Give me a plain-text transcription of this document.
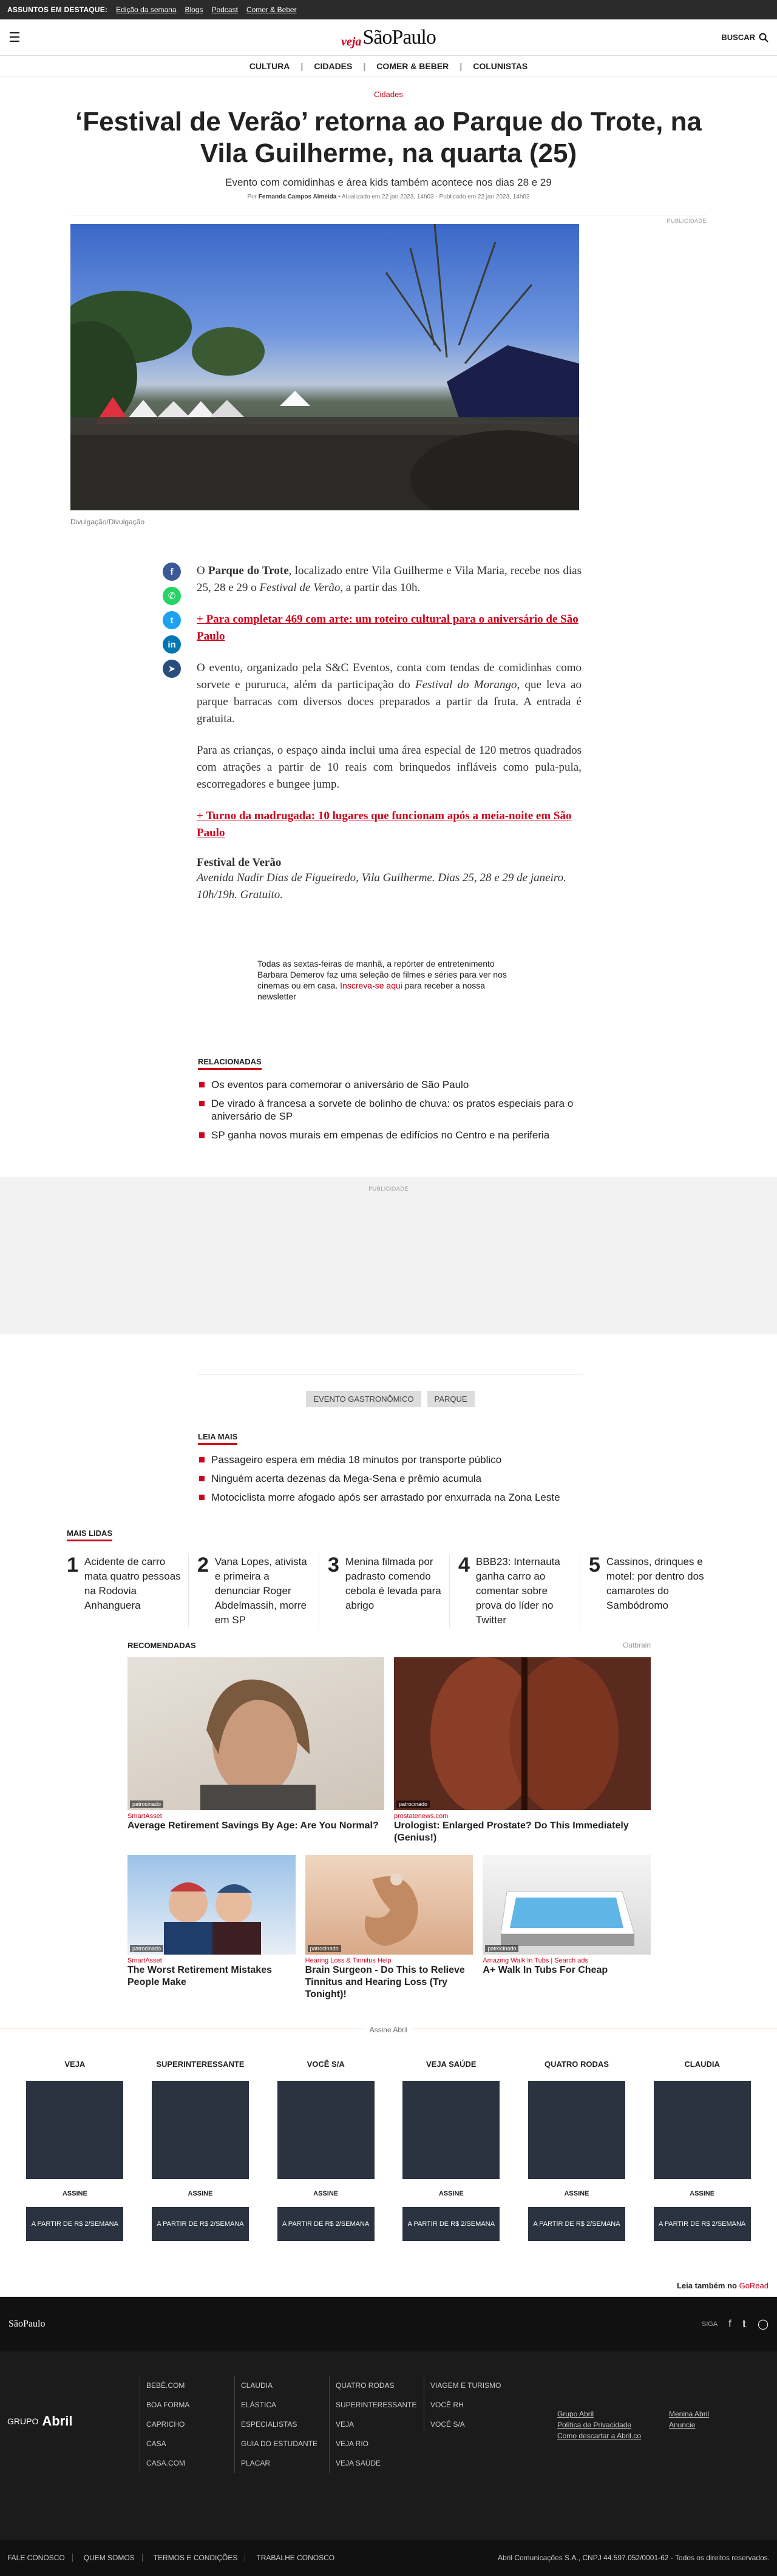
ASSUNTOS EM DESTAQUE: Edição da semana Blogs Podcast Comer & Beber
☰	veja SãoPaulo	BUSCAR
CULTURA	|	CIDADES	|	COMER & BEBER	|	COLUNISTAS
Cidades
‘Festival de Verão’ retorna ao Parque do Trote, na Vila Guilherme, na quarta (25)
Evento com comidinhas e área kids também acontece nos dias 28 e 29
Por Fernanda Campos Almeida • Atualizado em 22 jan 2023, 14h03 - Publicado em 22 jan 2023, 14h02
PUBLICIDADE
Divulgação/Divulgação
f
✆
t
in
➤

O Parque do Trote, localizado entre Vila Guilherme e Vila Maria, recebe nos dias 25, 28 e 29 o Festival de Verão, a partir das 10h.

+ Para completar 469 com arte: um roteiro cultural para o aniversário de São Paulo

O evento, organizado pela S&C Eventos, conta com tendas de comidinhas como sorvete e pururuca, além da participação do Festival do Morango, que leva ao parque barracas com diversos doces preparados a partir da fruta. A entrada é gratuita.

Para as crianças, o espaço ainda inclui uma área especial de 120 metros quadrados com atrações a partir de 10 reais com brinquedos infláveis como pula-pula, escorregadores e bungee jump.

+ Turno da madrugada: 10 lugares que funcionam após a meia-noite em São Paulo

Festival de Verão
Avenida Nadir Dias de Figueiredo, Vila Guilherme. Dias 25, 28 e 29 de janeiro. 10h/19h. Gratuito.
Todas as sextas-feiras de manhã, a repórter de entretenimento Barbara Demerov faz uma seleção de filmes e séries para ver nos cinemas ou em casa. Inscreva-se aqui para receber a nossa newsletter
RELACIONADAS
Os eventos para comemorar o aniversário de São Paulo
De virado à francesa a sorvete de bolinho de chuva: os pratos especiais para o aniversário de SP
SP ganha novos murais em empenas de edifícios no Centro e na periferia
PUBLICIDADE
EVENTO GASTRONÔMICO	PARQUE
LEIA MAIS
Passageiro espera em média 18 minutos por transporte público
Ninguém acerta dezenas da Mega-Sena e prêmio acumula
Motociclista morre afogado após ser arrastado por enxurrada na Zona Leste
MAIS LIDAS
1 Acidente de carro mata quatro pessoas na Rodovia Anhanguera
2 Vana Lopes, ativista e primeira a denunciar Roger Abdelmassih, morre em SP
3 Menina filmada por padrasto comendo cebola é levada para abrigo
4 BBB23: Internauta ganha carro ao comentar sobre prova do líder no Twitter
5 Cassinos, drinques e motel: por dentro dos camarotes do Sambódromo
RECOMENDADAS	Outbrain
patrocinado
SmartAsset
Average Retirement Savings By Age: Are You Normal?
patrocinado
prostatenews.com
Urologist: Enlarged Prostate? Do This Immediately (Genius!)
patrocinado
SmartAsset
The Worst Retirement Mistakes People Make
patrocinado
Hearing Loss & Tinnitus Help
Brain Surgeon - Do This to Relieve Tinnitus and Hearing Loss (Try Tonight)!
patrocinado
Amazing Walk In Tubs | Search ads
A+ Walk In Tubs For Cheap
$^{Assine Abril}$
VEJA
ASSINE
A PARTIR DE R$ 2/SEMANA
SUPERINTERESSANTE
ASSINE
A PARTIR DE R$ 2/SEMANA
VOCÊ S/A
ASSINE
A PARTIR DE R$ 2/SEMANA
VEJA SAÚDE
ASSINE
A PARTIR DE R$ 2/SEMANA
QUATRO RODAS
ASSINE
A PARTIR DE R$ 2/SEMANA
CLAUDIA
ASSINE
A PARTIR DE R$ 2/SEMANA
Leia também no GoRead
SãoPaulo	SIGA f 𝕥 ◯
GRUPO Abril
BEBÊ.COM
BOA FORMA
CAPRICHO
CASA
CASA.COM
CLAUDIA
ELÁSTICA
ESPECIALISTAS
GUIA DO ESTUDANTE
PLACAR
QUATRO RODAS
SUPERINTERESSANTE
VEJA
VEJA RIO
VEJA SAÚDE
VIAGEM E TURISMO
VOCÊ RH
VOCÊ S/A
Grupo Abril
Política de Privacidade
Como descartar a Abril.co
Menina Abril
Anuncie
FALE CONOSCO	QUEM SOMOS	TERMOS E CONDIÇÕES	TRABALHE CONOSCO	Abril Comunicações S.A., CNPJ 44.597.052/0001-62 - Todos os direitos reservados.
